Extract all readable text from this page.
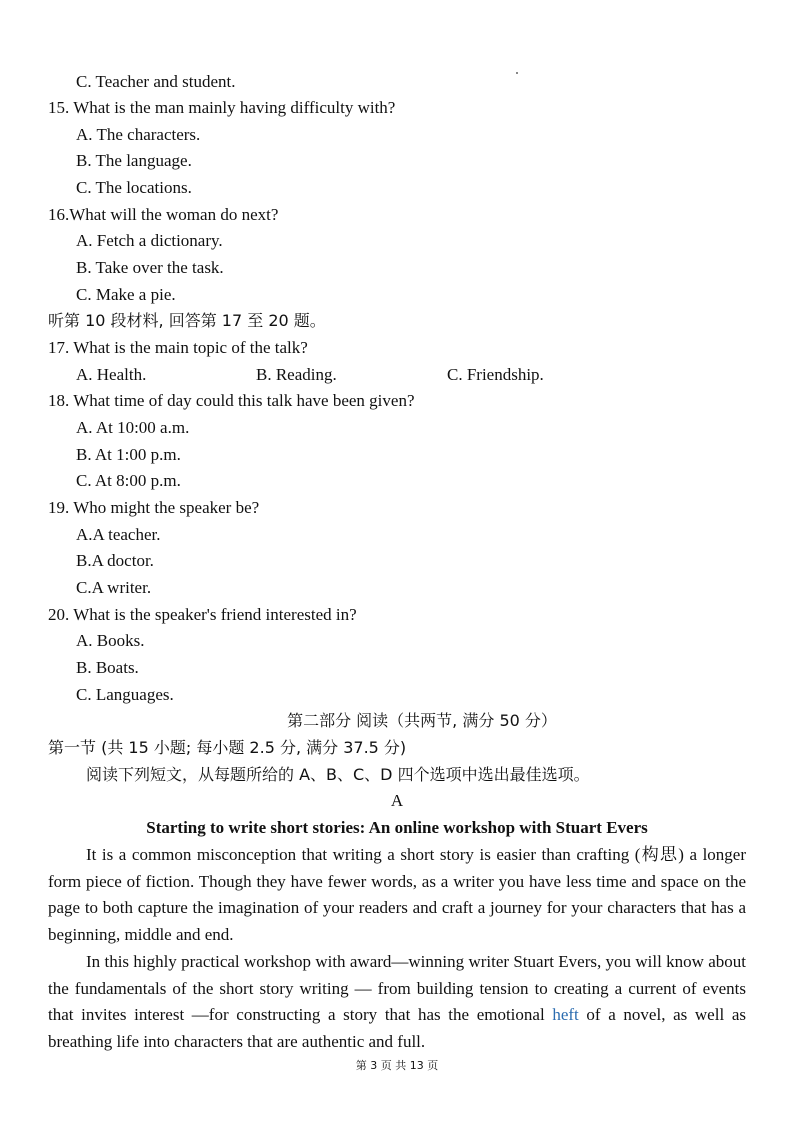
C. Teacher and student.
15. What is the man mainly having difficulty with?
A. The characters.
B. The language.
C. The locations.
16.What will the woman do next?
A. Fetch a dictionary.
B. Take over the task.
C. Make a pie.
听第 10 段材料, 回答第 17 至 20 题。
17. What is the main topic of the talk?
A. Health.	B. Reading.	C. Friendship.
18. What time of day could this talk have been given?
A. At 10:00 a.m.
B. At 1:00 p.m.
C. At 8:00 p.m.
19. Who might the speaker be?
A.A teacher.
B.A doctor.
C.A writer.
20. What is the speaker's friend interested in?
A. Books.
B. Boats.
C. Languages.
第二部分 阅读（共两节, 满分 50 分）
第一节 (共 15 小题; 每小题 2.5 分, 满分 37.5 分)
阅读下列短文，从每题所给的 A、B、C、D 四个选项中选出最佳选项。
A
Starting to write short stories: An online workshop with Stuart Evers

It is a common misconception that writing a short story is easier than crafting (构思) a longer form piece of fiction. Though they have fewer words, as a writer you have less time and space on the page to both capture the imagination of your readers and craft a journey for your characters that has a beginning, middle and end.

In this highly practical workshop with award—winning writer Stuart Evers, you will know about the fundamentals of the short story writing — from building tension to creating a current of events that invites interest —for constructing a story that has the emotional heft of a novel, as well as breathing life into characters that are authentic and full.

第 3 页 共 13 页
